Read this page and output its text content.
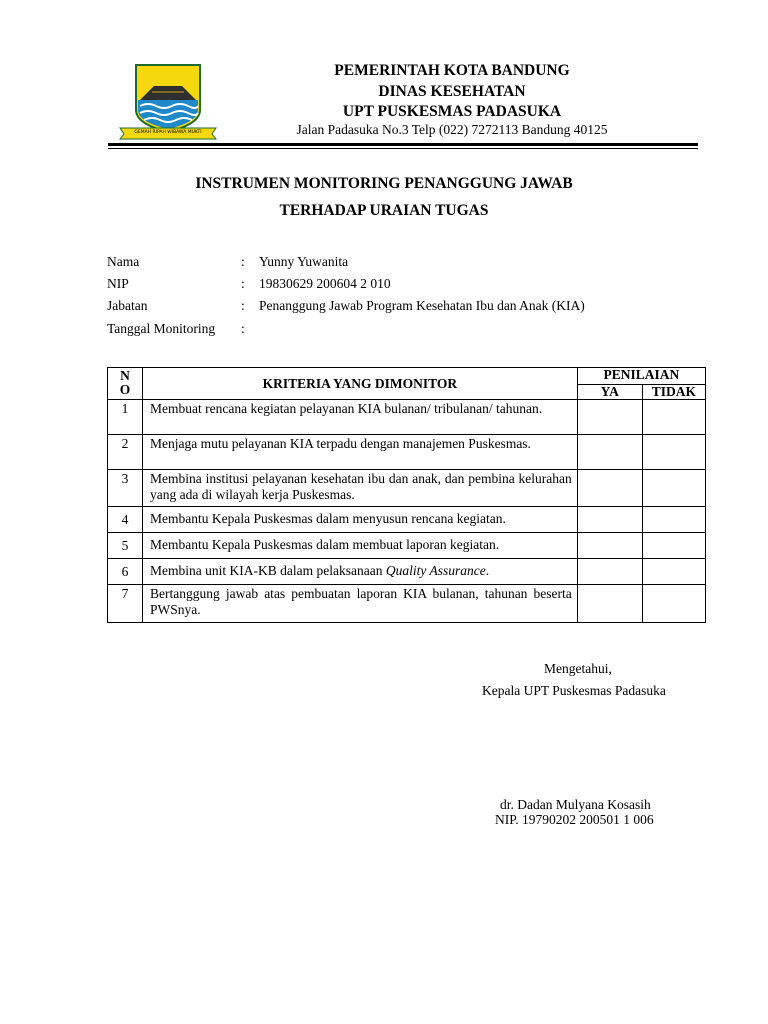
GEMAH RIPAH WIBAWA MUKTI
PEMERINTAH KOTA BANDUNG
DINAS KESEHATAN
UPT PUSKESMAS PADASUKA
Jalan Padasuka No.3 Telp (022) 7272113 Bandung 40125
INSTRUMEN MONITORING PENANGGUNG JAWAB
TERHADAP URAIAN TUGAS
Nama	: Yunny Yuwanita
NIP	: 19830629 200604 2 010
Jabatan	: Penanggung Jawab Program Kesehatan Ibu dan Anak (KIA)
Tanggal Monitoring	:
N
O	KRITERIA YANG DIMONITOR	PENILAIAN	
		YA	TIDAK
1	Membuat rencana kegiatan pelayanan KIA bulanan/ tribulanan/ tahunan.		
2	Menjaga mutu pelayanan KIA terpadu dengan manajemen Puskesmas.		
3	Membina institusi pelayanan kesehatan ibu dan anak, dan pembina kelurahan yang ada di wilayah kerja Puskesmas.		
4	Membantu Kepala Puskesmas dalam menyusun rencana kegiatan.		
5	Membantu Kepala Puskesmas dalam membuat laporan kegiatan.		
6	Membina unit KIA-KB dalam pelaksanaan Quality Assurance.		
7	Bertanggung jawab atas pembuatan laporan KIA bulanan, tahunan beserta PWSnya.		
Mengetahui,
Kepala UPT Puskesmas Padasuka
dr. Dadan Mulyana Kosasih
NIP. 19790202 200501 1 006
